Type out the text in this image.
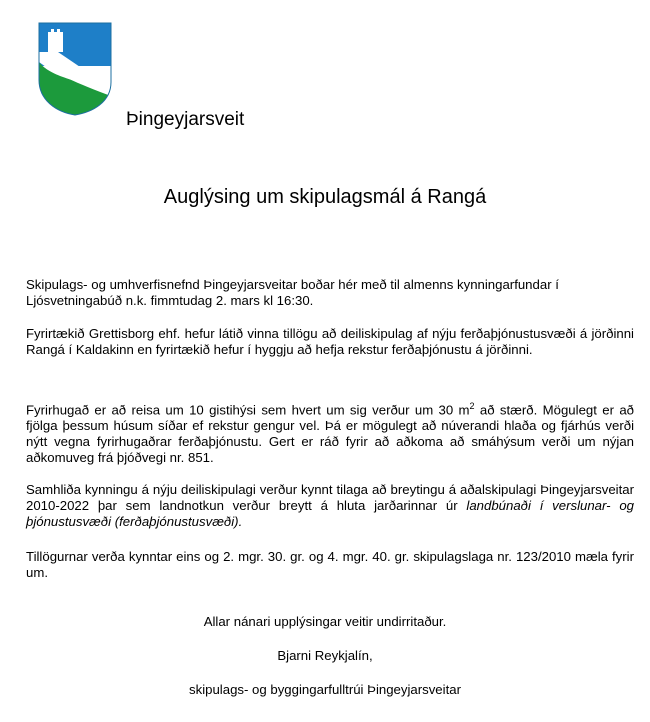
Þingeyjarsveit
Auglýsing um skipulagsmál á Rangá

Skipulags- og umhverfisnefnd Þingeyjarsveitar boðar hér með til almenns kynningarfundar í
Ljósvetningabúð n.k. fimmtudag 2. mars kl 16:30.

Fyrirtækið Grettisborg ehf. hefur látið vinna tillögu að deiliskipulag af nýju ferðaþjónustusvæði á jörðinni Rangá í Kaldakinn en fyrirtækið hefur í hyggju að hefja rekstur ferðaþjónustu á jörðinni.

Fyrirhugað er að reisa um 10 gistihýsi sem hvert um sig verður um 30 $m^2$ að stærð. Mögulegt er að fjölga þessum húsum síðar ef rekstur gengur vel. Þá er mögulegt að núverandi hlaða og fjárhús verði nýtt vegna fyrirhugaðrar ferðaþjónustu. Gert er ráð fyrir að aðkoma að smáhýsum verði um nýjan aðkomuveg frá þjóðvegi nr. 851.

Samhliða kynningu á nýju deiliskipulagi verður kynnt tilaga að breytingu á aðalskipulagi Þingeyjarsveitar 2010-2022 þar sem landnotkun verður breytt á hluta jarðarinnar úr landbúnaði í verslunar- og þjónustusvæði (ferðaþjónustusvæði).

Tillögurnar verða kynntar eins og 2. mgr. 30. gr. og 4. mgr. 40. gr. skipulagslaga nr. 123/2010 mæla fyrir um.

Allar nánari upplýsingar veitir undirritaður.

Bjarni Reykjalín,

skipulags- og byggingarfulltrúi Þingeyjarsveitar
